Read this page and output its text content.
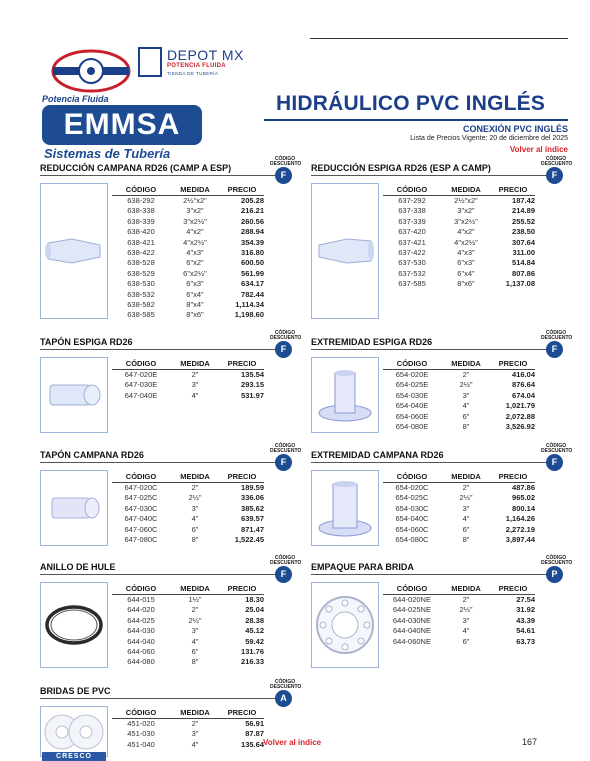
Potencia Fluida
DEPOT MX
POTENCIA FLUIDA
TIENDA DE TUBERÍA
EMMSA
Sistemas de Tubería
HIDRÁULICO PVC INGLÉS
CONEXIÓN PVC INGLÉS
Lista de Precios Vigente: 20 de diciembre del 2025
Volver al índice
REDUCCIÓN CAMPANA RD26 (CAMP A ESP)
CÓDIGO DESCUENTO
F
CÓDIGO	MEDIDA	PRECIO
638-292	2½"x2"	205.28
638-338	3"x2"	216.21
638-339	3"x2½"	260.56
638-420	4"x2"	288.94
638-421	4"x2½"	354.39
638-422	4"x3"	316.80
638-528	6"x2"	600.50
638-529	6"x2½"	561.99
638-530	6"x3"	634.17
638-532	6"x4"	782.44
638-582	8"x4"	1,114.34
638-585	8"x6"	1,198.60
REDUCCIÓN ESPIGA RD26 (ESP A CAMP)
CÓDIGO DESCUENTO
F
CÓDIGO	MEDIDA	PRECIO
637-292	2½"x2"	187.42
637-338	3"x2"	214.89
637-339	3"x2½"	255.52
637-420	4"x2"	238.50
637-421	4"x2½"	307.64
637-422	4"x3"	311.00
637-530	6"x3"	514.84
637-532	6"x4"	807.86
637-585	8"x6"	1,137.08
TAPÓN ESPIGA RD26
CÓDIGO DESCUENTO
F
CÓDIGO	MEDIDA	PRECIO
647-020E	2"	135.54
647-030E	3"	293.15
647-040E	4"	531.97
EXTREMIDAD ESPIGA RD26
CÓDIGO DESCUENTO
F
CÓDIGO	MEDIDA	PRECIO
654-020E	2"	416.04
654-025E	2½"	876.64
654-030E	3"	674.04
654-040E	4"	1,021.79
654-060E	6"	2,072.88
654-080E	8"	3,526.92
TAPÓN CAMPANA RD26
CÓDIGO DESCUENTO
F
CÓDIGO	MEDIDA	PRECIO
647-020C	2"	189.59
647-025C	2½"	336.06
647-030C	3"	385.62
647-040C	4"	639.57
647-060C	6"	871.47
647-080C	8"	1,522.45
EXTREMIDAD CAMPANA RD26
CÓDIGO DESCUENTO
F
CÓDIGO	MEDIDA	PRECIO
654-020C	2"	487.86
654-025C	2½"	965.02
654-030C	3"	800.14
654-040C	4"	1,164.26
654-060C	6"	2,272.19
654-080C	8"	3,897.44
ANILLO DE HULE
CÓDIGO DESCUENTO
F
CÓDIGO	MEDIDA	PRECIO
644-015	1½"	18.30
644-020	2"	25.04
644-025	2½"	28.38
644-030	3"	45.12
644-040	4"	59.42
644-060	6"	131.76
644-080	8"	216.33
EMPAQUE PARA BRIDA
CÓDIGO DESCUENTO
P
CÓDIGO	MEDIDA	PRECIO
644-020NE	2"	27.54
644-025NE	2½"	31.92
644-030NE	3"	43.39
644-040NE	4"	54.61
644-060NE	6"	63.73
BRIDAS DE PVC
CÓDIGO DESCUENTO
A
CÓDIGO	MEDIDA	PRECIO
451-020	2"	56.91
451-030	3"	87.87
451-040	4"	135.64 Volver al índice	167
CRESCO
